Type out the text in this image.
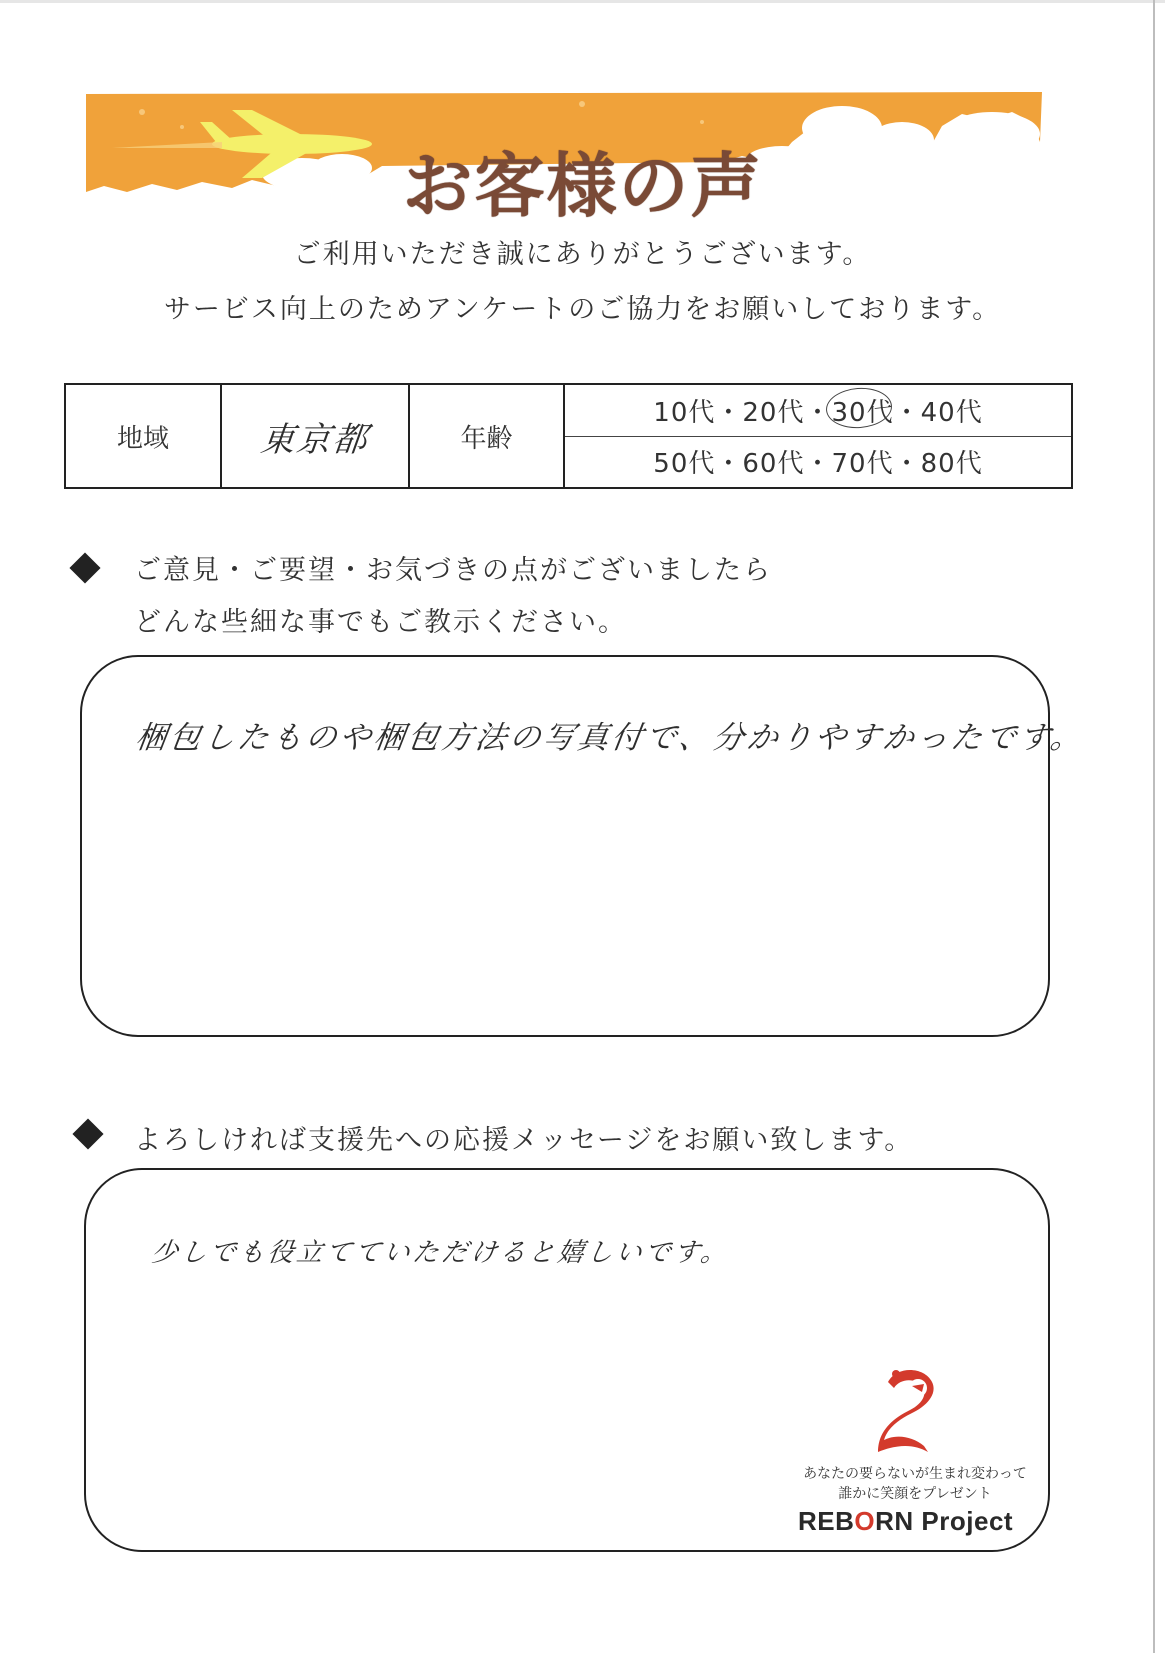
お客様の声
ご利用いただき誠にありがとうございます。
サービス向上のためアンケートのご協力をお願いしております。
地域	東京都	年齢
10代 ・ 20代 ・ 30代 ・ 40代
50代 ・ 60代 ・ 70代 ・ 80代
ご意見・ご要望・お気づきの点がございましたら
どんな些細な事でもご教示ください。
梱包したものや梱包方法の写真付で、分かりやすかったです。
よろしければ支援先への応援メッセージをお願い致します。
少しでも役立てていただけると嬉しいです。
あなたの要らないが生まれ変わって
誰かに笑顔をプレゼント
REBORN Project
